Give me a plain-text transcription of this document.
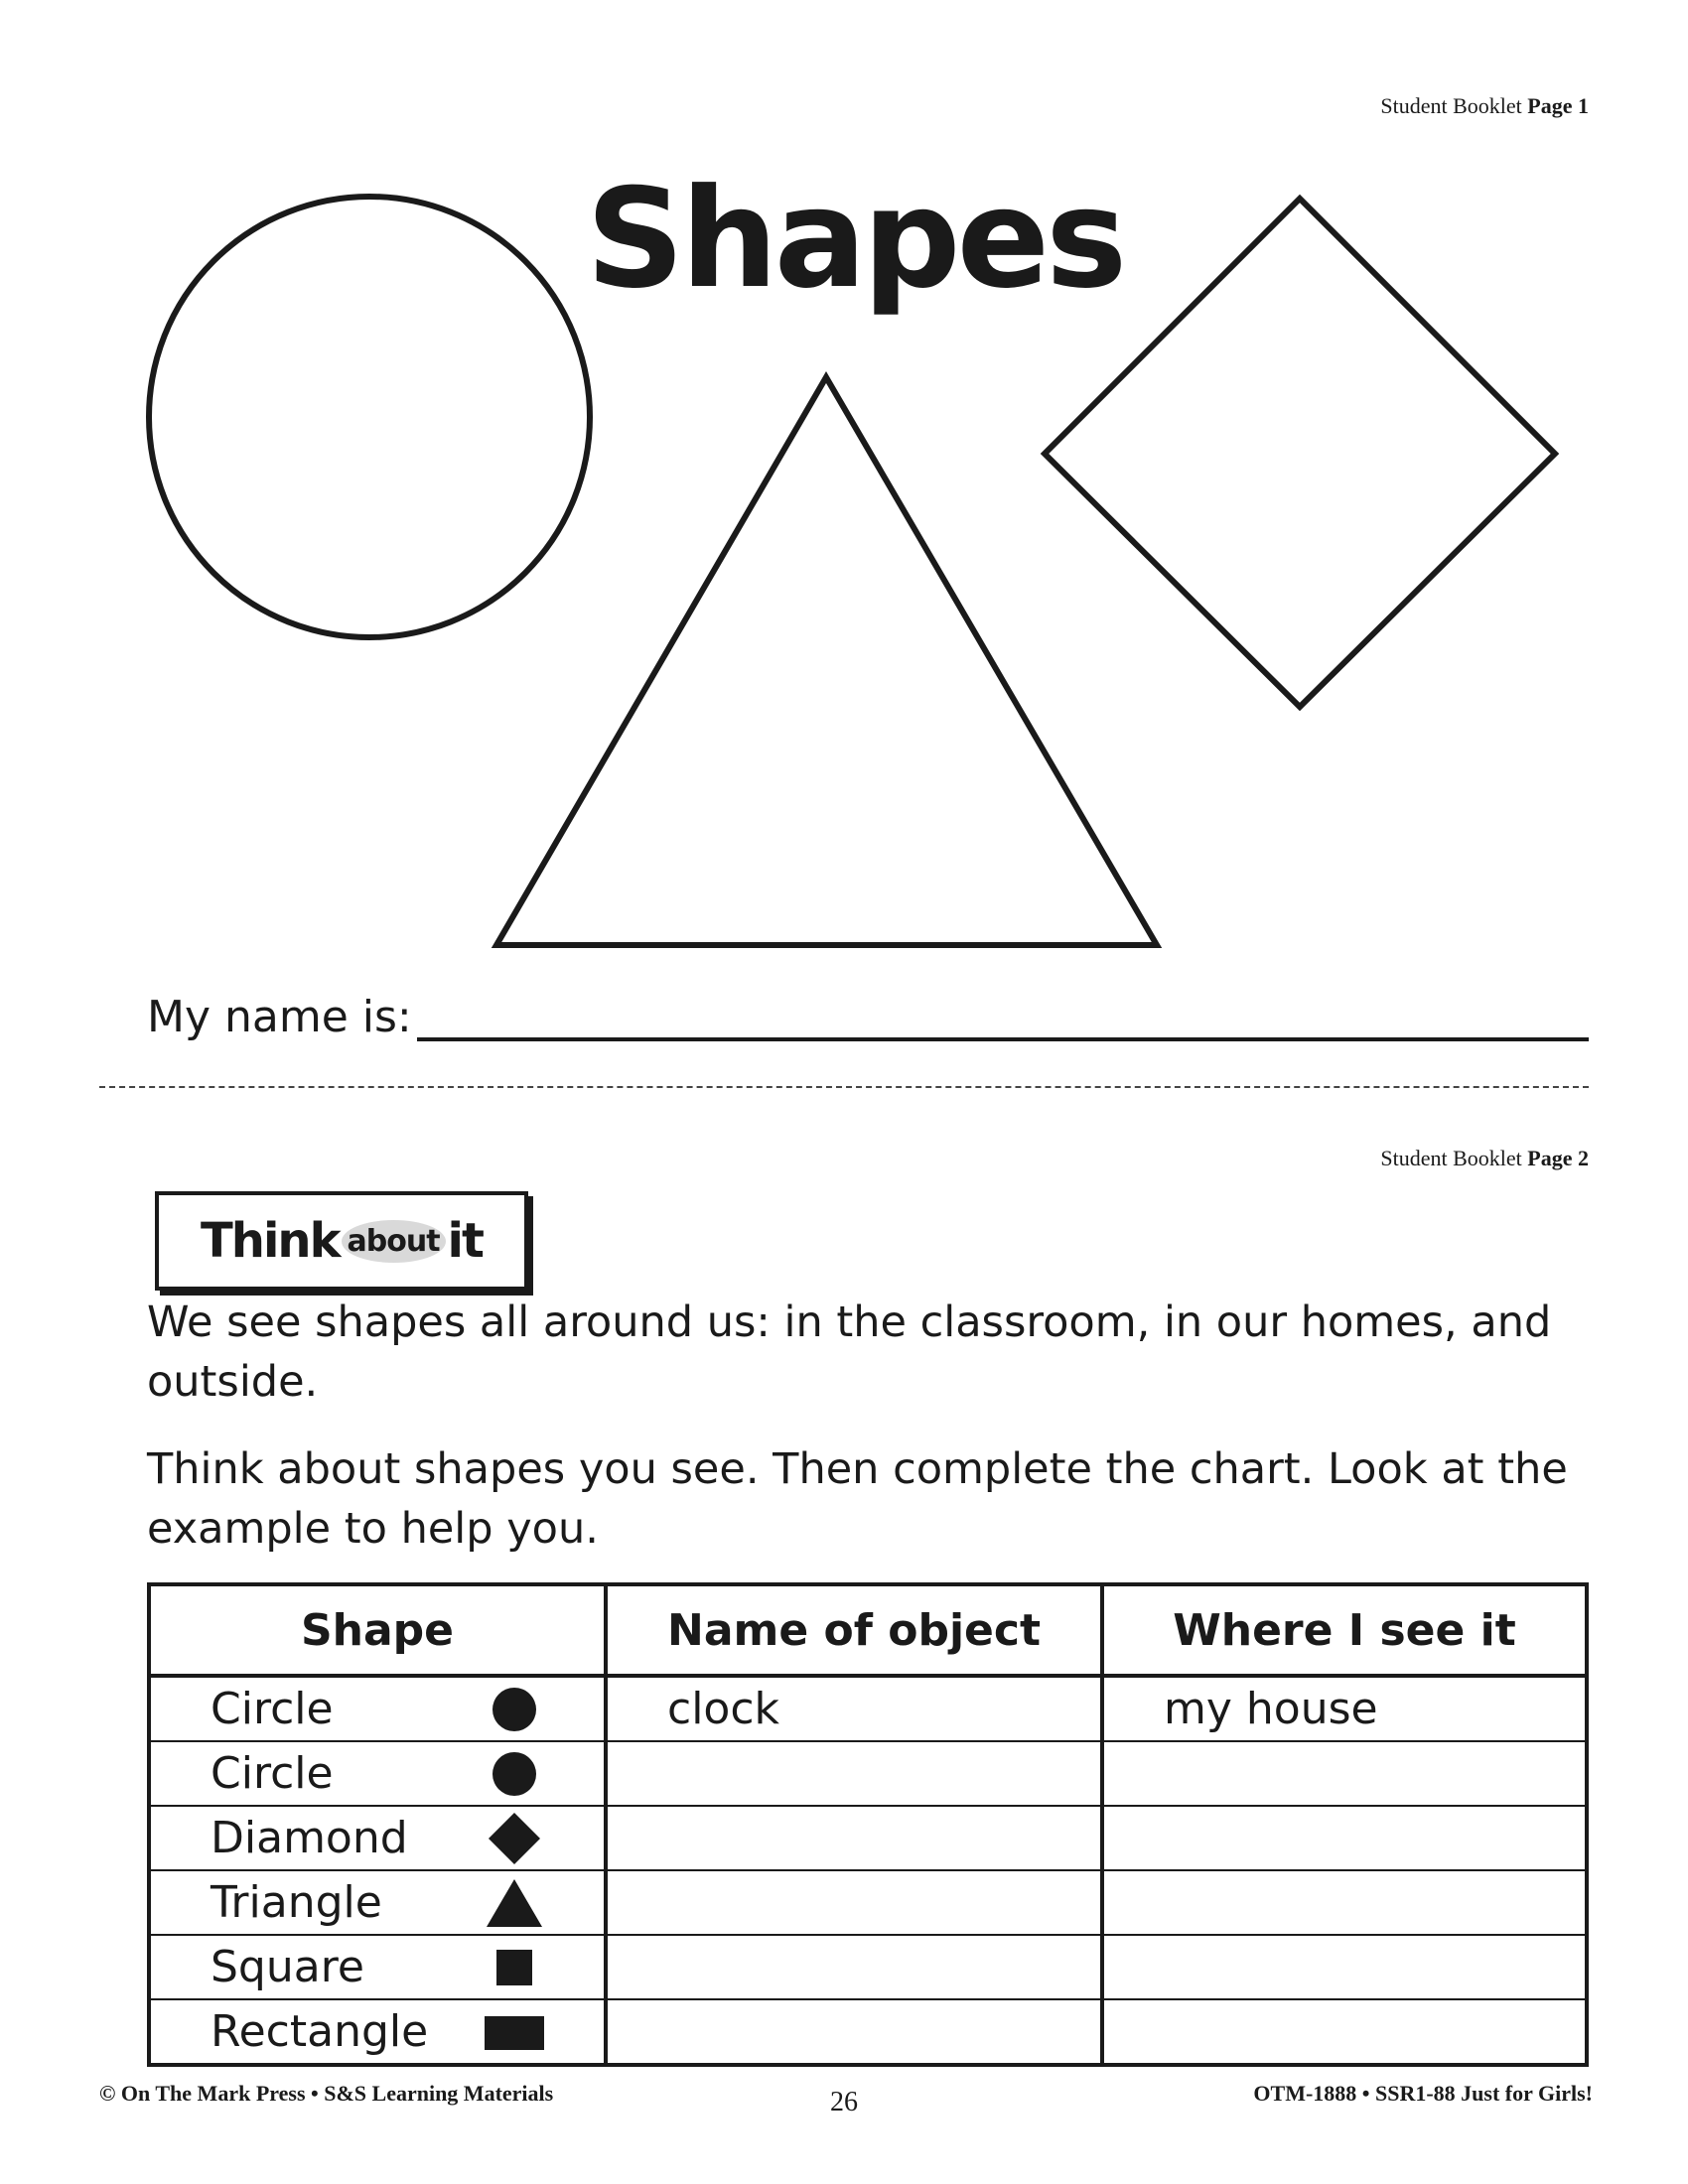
Student Booklet Page 1
Shapes
My name is:
Student Booklet Page 2
Think about it

We see shapes all around us: in the classroom, in our homes, and outside.

Think about shapes you see. Then complete the chart. Look at the example to help you.

Shape	Name of object	Where I see it
Circle	clock	my house
Circle

Diamond

Triangle

Square

Rectangle

© On The Mark Press • S&S Learning Materials	26	OTM-1888 • SSR1-88 Just for Girls!
